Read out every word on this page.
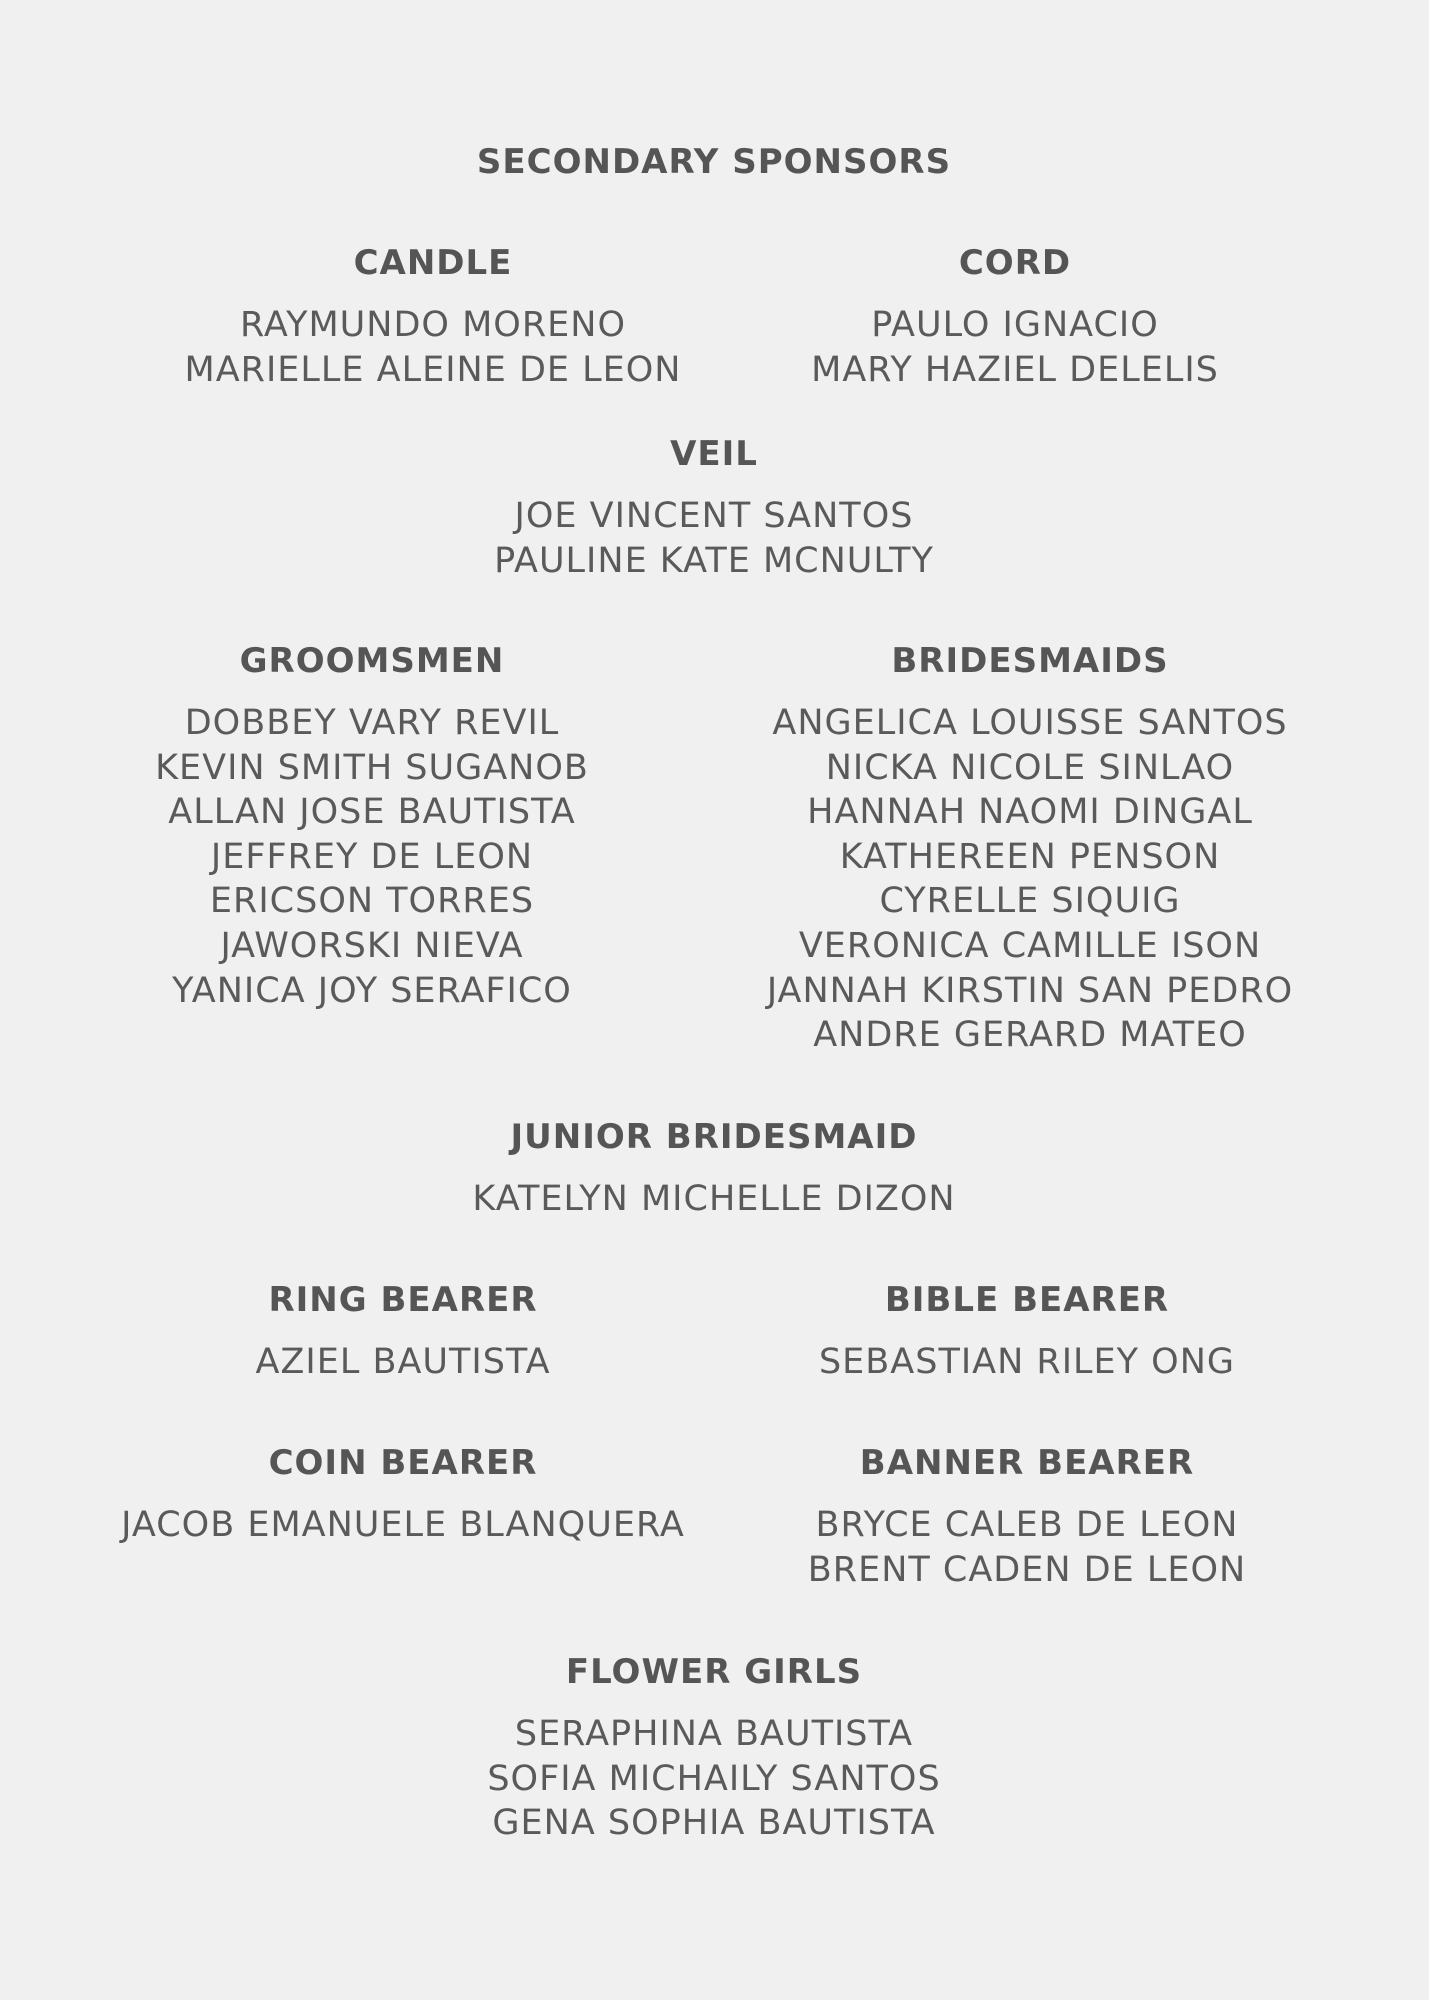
SECONDARY SPONSORS
CANDLE
RAYMUNDO MORENO
MARIELLE ALEINE DE LEON
CORD
PAULO IGNACIO
MARY HAZIEL DELELIS
VEIL
JOE VINCENT SANTOS
PAULINE KATE MCNULTY
GROOMSMEN
DOBBEY VARY REVIL
KEVIN SMITH SUGANOB
ALLAN JOSE BAUTISTA
JEFFREY DE LEON
ERICSON TORRES
JAWORSKI NIEVA
YANICA JOY SERAFICO
BRIDESMAIDS
ANGELICA LOUISSE SANTOS
NICKA NICOLE SINLAO
HANNAH NAOMI DINGAL
KATHEREEN PENSON
CYRELLE SIQUIG
VERONICA CAMILLE ISON
JANNAH KIRSTIN SAN PEDRO
ANDRE GERARD MATEO
JUNIOR BRIDESMAID
KATELYN MICHELLE DIZON
RING BEARER
AZIEL BAUTISTA
BIBLE BEARER
SEBASTIAN RILEY ONG
COIN BEARER
JACOB EMANUELE BLANQUERA
BANNER BEARER
BRYCE CALEB DE LEON
BRENT CADEN DE LEON
FLOWER GIRLS
SERAPHINA BAUTISTA
SOFIA MICHAILY SANTOS
GENA SOPHIA BAUTISTA
